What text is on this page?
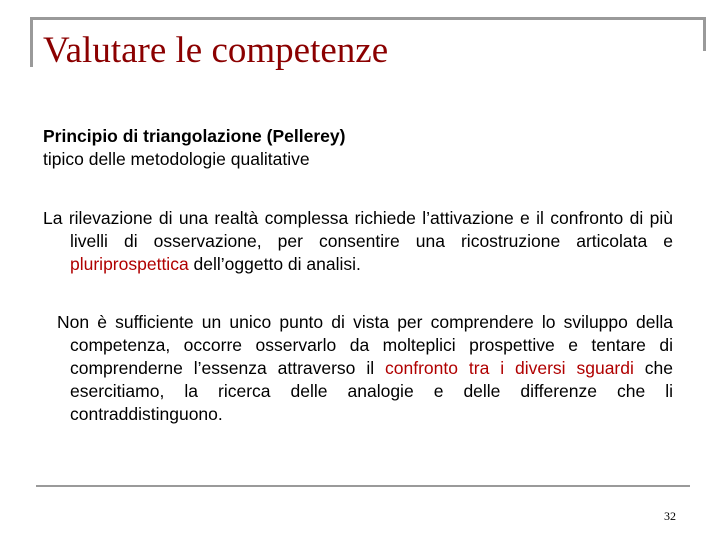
Valutare le competenze
Principio di triangolazione (Pellerey)
tipico delle metodologie qualitative

La rilevazione di una realtà complessa richiede l’attivazione e il confronto di più livelli di osservazione, per consentire una ricostruzione articolata e pluriprospettica dell’oggetto di analisi.

Non è sufficiente un unico punto di vista per comprendere lo sviluppo della competenza, occorre osservarlo da molteplici prospettive e tentare di comprenderne l’essenza attraverso il confronto tra i diversi sguardi che esercitiamo, la ricerca delle analogie e delle differenze che li contraddistinguono.

32
